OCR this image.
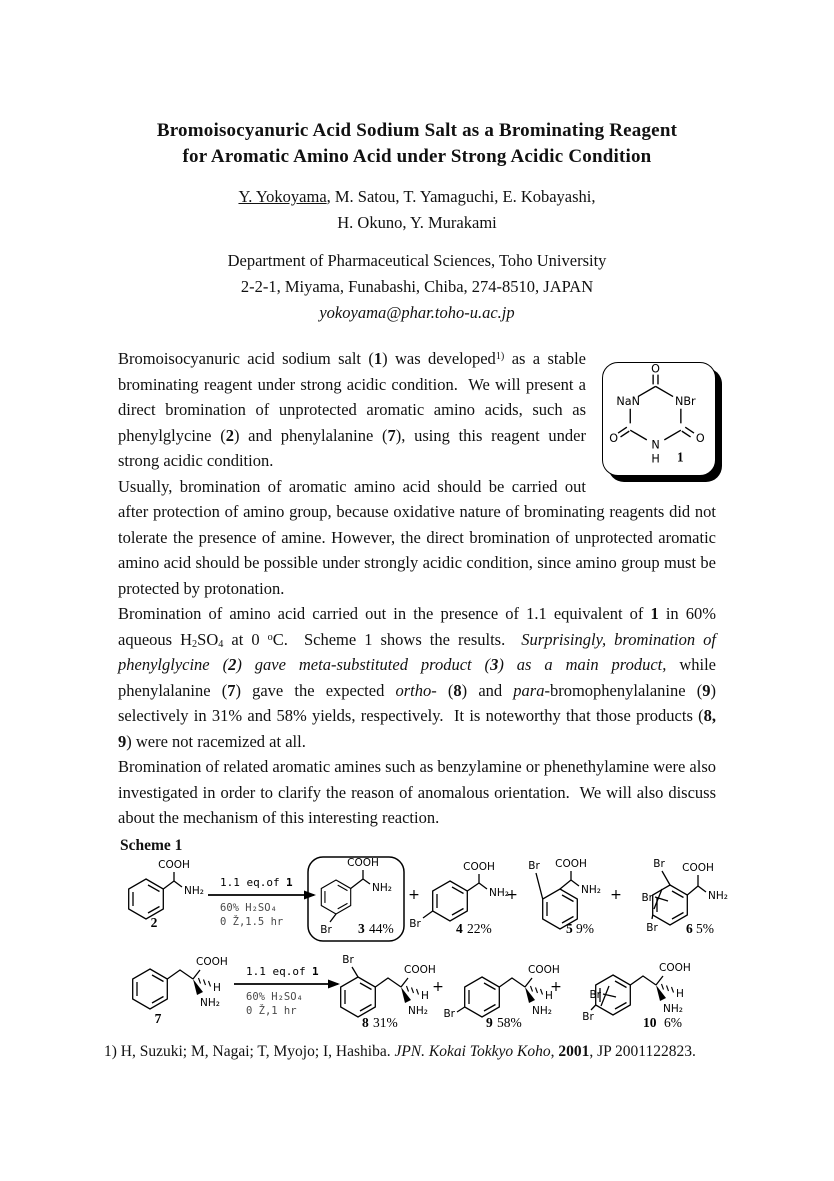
Bromoisocyanuric Acid Sodium Salt as a Brominating Reagent
for Aromatic Amino Acid under Strong Acidic Condition
Y. Yokoyama, M. Satou, T. Yamaguchi, E. Kobayashi,
H. Okuno, Y. Murakami
Department of Pharmaceutical Sciences, Toho University
2-2-1, Miyama, Funabashi, Chiba, 274-8510, JAPAN
yokoyama@phar.toho-u.ac.jp
O
NaN	NBr
O	O
N
H 1

Bromoisocyanuric acid sodium salt (1) was developed$^{1)}$ as a stable brominating reagent under strong acidic condition.  We will present a direct bromination of unprotected aromatic amino acids, such as phenylglycine (2) and phenylalanine (7), using this reagent under strong acidic condition.

Usually, bromination of aromatic amino acid should be carried out after protection of amino group, because oxidative nature of brominating reagents did not tolerate the presence of amine. However, the direct bromination of unprotected aromatic amino acid should be possible under strongly acidic condition, since amino group must be protected by protonation.

Bromination of amino acid carried out in the presence of 1.1 equivalent of 1 in 60% aqueous $H_2SO_4$ at 0 $^o$C.  Scheme 1 shows the results.  Surprisingly, bromination of phenylglycine (2) gave meta-substituted product (3) as a main product, while phenylalanine (7) gave the expected ortho- (8) and para-bromophenylalanine (9) selectively in 31% and 58% yields, respectively.  It is noteworthy that those products (8, 9) were not racemized at all.

Bromination of related aromatic amines such as benzylamine or phenethylamine were also investigated in order to clarify the reason of anomalous orientation.  We will also discuss about the mechanism of this interesting reaction.

Scheme 1
COOH
NH₂
2
1.1 eq.of 1
60% H₂SO₄
0 Ž,1.5 hr
COOH
NH₂
Br 3 44%
+
COOH
NH₂
Br	4 22%
+
Br COOH
NH₂
5 9%
+
Br COOH
NH₂
Br
Br 6 5%
COOH
H
NH₂
7
1.1 eq.of 1
60% H₂SO₄
0 Ž,1 hr
Br
COOH
H
NH₂
8 31%
+
COOH
H
NH₂
Br
9 58%
+
COOH
H
NH₂
Br
Br	10 6%
1) H, Suzuki; M, Nagai; T, Myojo; I, Hashiba. JPN. Kokai Tokkyo Koho, 2001, JP 2001122823.
